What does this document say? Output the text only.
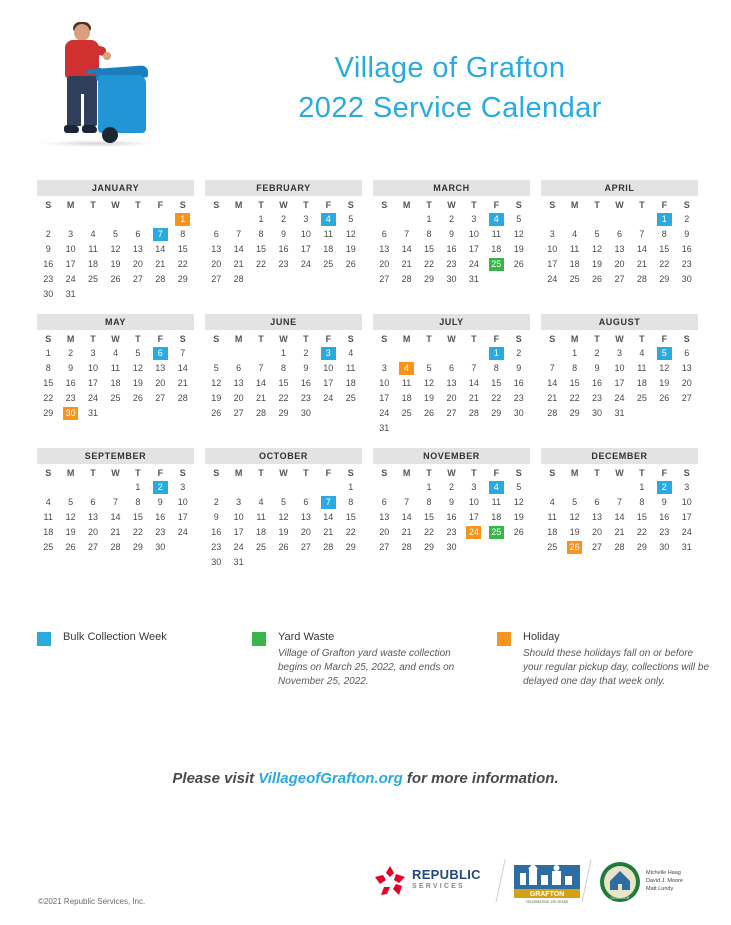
Village of Grafton
2022 Service Calendar
JANUARY
S	M	T	W	T	F	S
						1
2	3	4	5	6	7	8
9	10	11	12	13	14	15
16	17	18	19	20	21	22
23	24	25	26	27	28	29
30	31					
FEBRUARY
S	M	T	W	T	F	S
		1	2	3	4	5
6	7	8	9	10	11	12
13	14	15	16	17	18	19
20	21	22	23	24	25	26
27	28					
MARCH
S	M	T	W	T	F	S
		1	2	3	4	5
6	7	8	9	10	11	12
13	14	15	16	17	18	19
20	21	22	23	24	25	26
27	28	29	30	31		
APRIL
S	M	T	W	T	F	S
					1	2
3	4	5	6	7	8	9
10	11	12	13	14	15	16
17	18	19	20	21	22	23
24	25	26	27	28	29	30
MAY
S	M	T	W	T	F	S
1	2	3	4	5	6	7
8	9	10	11	12	13	14
15	16	17	18	19	20	21
22	23	24	25	26	27	28
29	30	31				
JUNE
S	M	T	W	T	F	S
			1	2	3	4
5	6	7	8	9	10	11
12	13	14	15	16	17	18
19	20	21	22	23	24	25
26	27	28	29	30		
JULY
S	M	T	W	T	F	S
					1	2
3	4	5	6	7	8	9
10	11	12	13	14	15	16
17	18	19	20	21	22	23
24	25	26	27	28	29	30
31						
AUGUST
S	M	T	W	T	F	S
	1	2	3	4	5	6
7	8	9	10	11	12	13
14	15	16	17	18	19	20
21	22	23	24	25	26	27
28	29	30	31			
SEPTEMBER
S	M	T	W	T	F	S
				1	2	3
4	5	6	7	8	9	10
11	12	13	14	15	16	17
18	19	20	21	22	23	24
25	26	27	28	29	30	
OCTOBER
S	M	T	W	T	F	S
						1
2	3	4	5	6	7	8
9	10	11	12	13	14	15
16	17	18	19	20	21	22
23	24	25	26	27	28	29
30	31					
NOVEMBER
S	M	T	W	T	F	S
		1	2	3	4	5
6	7	8	9	10	11	12
13	14	15	16	17	18	19
20	21	22	23	24	25	26
27	28	29	30			
DECEMBER
S	M	T	W	T	F	S
				1	2	3
4	5	6	7	8	9	10
11	12	13	14	15	16	17
18	19	20	21	22	23	24
25	26	27	28	29	30	31
Bulk Collection Week	Yard Waste
Village of Grafton yard waste collection begins on March 25, 2022, and ends on November 25, 2022.
Holiday
Should these holidays fall on or before your regular pickup day, collections will be delayed one day that week only.
Please visit VillageofGrafton.org for more information.
©2021 Republic Services, Inc.
REPUBLIC
SERVICES
GRAFTON
CELEBRATING 125 YEARS
OZAUKEE
Michelle Haag
David J. Moore
Matt Lundy
